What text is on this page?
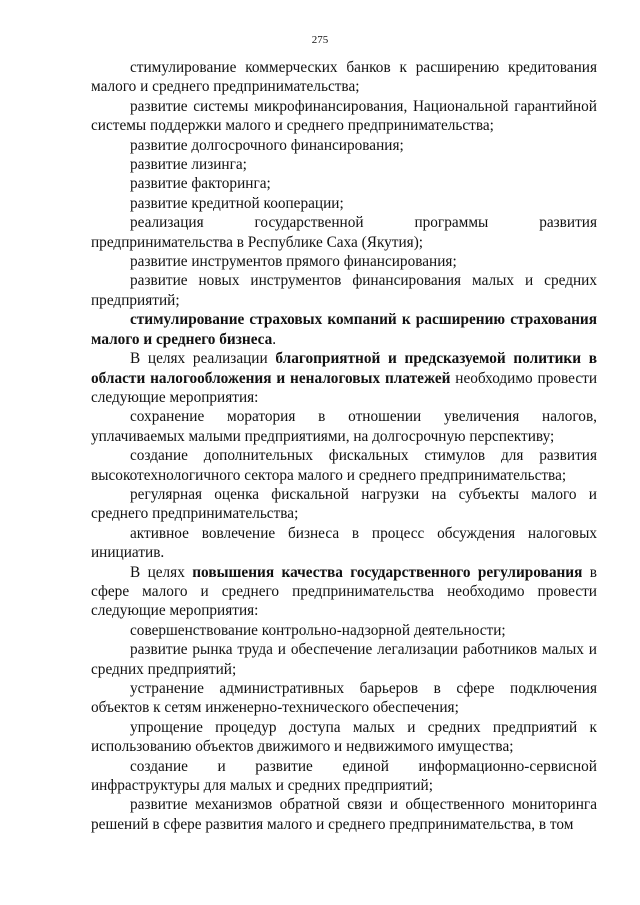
275

стимулирование коммерческих банков к расширению кредитования малого и среднего предпринимательства;

развитие системы микрофинансирования, Национальной гарантийной системы поддержки малого и среднего предпринимательства;

развитие долгосрочного финансирования;

развитие лизинга;

развитие факторинга;

развитие кредитной кооперации;

реализация государственной программы развития предпринимательства в Республике Саха (Якутия);

развитие инструментов прямого финансирования;

развитие новых инструментов финансирования малых и средних предприятий;

стимулирование страховых компаний к расширению страхования малого и среднего бизнеса.

В целях реализации благоприятной и предсказуемой политики в области налогообложения и неналоговых платежей необходимо провести следующие мероприятия:

сохранение моратория в отношении увеличения налогов, уплачиваемых малыми предприятиями, на долгосрочную перспективу;

создание дополнительных фискальных стимулов для развития высокотехнологичного сектора малого и среднего предпринимательства;

регулярная оценка фискальной нагрузки на субъекты малого и среднего предпринимательства;

активное вовлечение бизнеса в процесс обсуждения налоговых инициатив.

В целях повышения качества государственного регулирования в сфере малого и среднего предпринимательства необходимо провести следующие мероприятия:

совершенствование контрольно-надзорной деятельности;

развитие рынка труда и обеспечение легализации работников малых и средних предприятий;

устранение административных барьеров в сфере подключения объектов к сетям инженерно-технического обеспечения;

упрощение процедур доступа малых и средних предприятий к использованию объектов движимого и недвижимого имущества;

создание и развитие единой информационно-сервисной инфраструктуры для малых и средних предприятий;

развитие механизмов обратной связи и общественного мониторинга решений в сфере развития малого и среднего предпринимательства, в том
